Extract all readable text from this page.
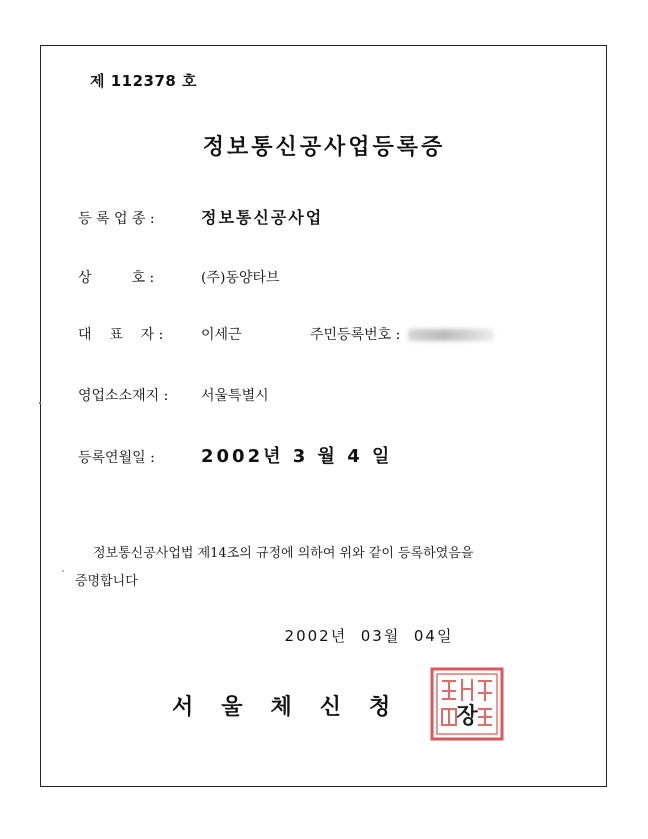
제 112378 호
정보통신공사업등록증
등 록 업 종 :	정보통신공사업
상         호 :	(주)동양타브
대    표    자 :	이세근	주민등록번호 :
영업소소재지 : 서울특별시
등록연월일 :	2002년 3 월 4 일
정보통신공사업법 제14조의 규정에 의하여 위와 같이 등록하였음을
증명합니다
2002년  03월  04일
서울체신청 장
